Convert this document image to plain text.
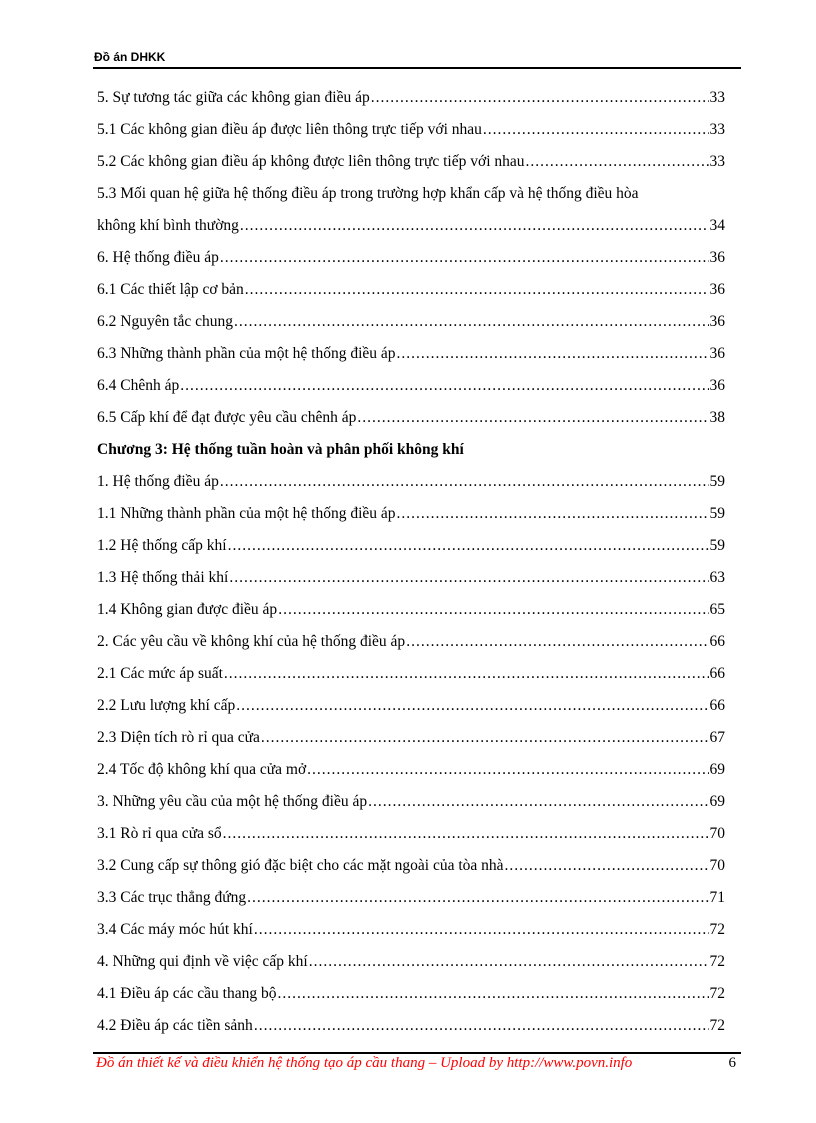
Đồ án DHKK
5. Sự tương tác giữa các không gian điều áp .....	33
5.1 Các không gian điều áp được liên thông trực tiếp với nhau .....	33
5.2 Các không gian điều áp không được liên thông trực tiếp với nhau .....	33
5.3 Mối quan hệ giữa hệ thống điều áp trong trường hợp khẩn cấp và hệ thống điều hòa
không khí bình thường .....	34
6. Hệ thống điều áp .....	36
6.1 Các thiết lập cơ bản .....	36
6.2 Nguyên tắc chung .....	36
6.3 Những thành phần của một hệ thống điều áp .....	36
6.4 Chênh áp .....	36
6.5 Cấp khí để đạt được yêu cầu chênh áp .....	38
Chương 3: Hệ thống tuần hoàn và phân phối không khí
1. Hệ thống điều áp .....	59
1.1 Những thành phần của một hệ thống điều áp .....	59
1.2 Hệ thống cấp khí .....	59
1.3 Hệ thống thải khí .....	63
1.4 Không gian được điều áp .....	65
2. Các yêu cầu về không khí của hệ thống điều áp .....	66
2.1 Các mức áp suất .....	66
2.2 Lưu lượng khí cấp .....	66
2.3 Diện tích rò rỉ qua cửa .....	67
2.4 Tốc độ không khí qua cửa mở .....	69
3. Những yêu cầu của một hệ thống điều áp .....	69
3.1 Rò rỉ qua cửa sổ .....	70
3.2 Cung cấp sự thông gió đặc biệt cho các mặt ngoài của tòa nhà .....	70
3.3 Các trục thẳng đứng .....	71
3.4 Các máy móc hút khí .....	72
4. Những qui định về việc cấp khí .....	72
4.1 Điều áp các cầu thang bộ .....	72
4.2 Điều áp các tiền sảnh .....	72
Đồ án thiết kế và điều khiển hệ thống tạo áp cầu thang – Upload by http://www.povn.info	6
